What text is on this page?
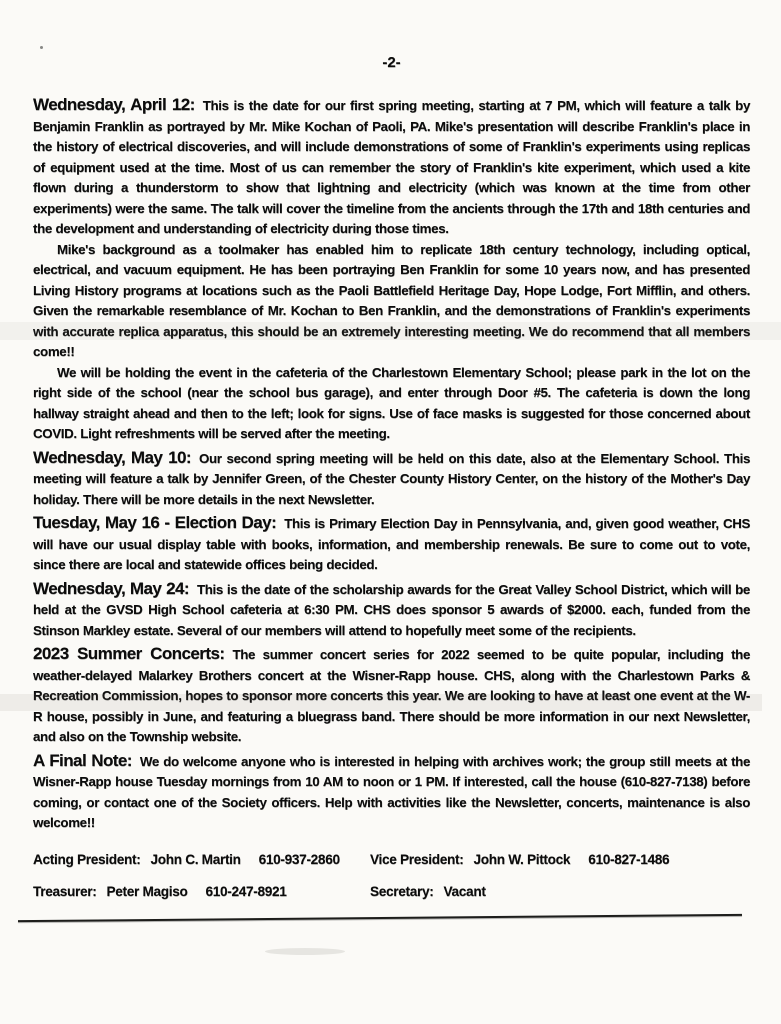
-2-

Wednesday, April 12: This is the date for our first spring meeting, starting at 7 PM, which will feature a talk by Benjamin Franklin as portrayed by Mr. Mike Kochan of Paoli, PA. Mike's presentation will describe Franklin's place in the history of electrical discoveries, and will include demonstrations of some of Franklin's experiments using replicas of equipment used at the time. Most of us can remember the story of Franklin's kite experiment, which used a kite flown during a thunderstorm to show that lightning and electricity (which was known at the time from other experiments) were the same. The talk will cover the timeline from the ancients through the 17th and 18th centuries and the development and understanding of electricity during those times.

Mike's background as a toolmaker has enabled him to replicate 18th century technology, including optical, electrical, and vacuum equipment. He has been portraying Ben Franklin for some 10 years now, and has presented Living History programs at locations such as the Paoli Battlefield Heritage Day, Hope Lodge, Fort Mifflin, and others. Given the remarkable resemblance of Mr. Kochan to Ben Franklin, and the demonstrations of Franklin's experiments with accurate replica apparatus, this should be an extremely interesting meeting. We do recommend that all members come!!

We will be holding the event in the cafeteria of the Charlestown Elementary School; please park in the lot on the right side of the school (near the school bus garage), and enter through Door #5. The cafeteria is down the long hallway straight ahead and then to the left; look for signs. Use of face masks is suggested for those concerned about COVID. Light refreshments will be served after the meeting.

Wednesday, May 10: Our second spring meeting will be held on this date, also at the Elementary School. This meeting will feature a talk by Jennifer Green, of the Chester County History Center, on the history of the Mother's Day holiday. There will be more details in the next Newsletter.

Tuesday, May 16 - Election Day: This is Primary Election Day in Pennsylvania, and, given good weather, CHS will have our usual display table with books, information, and membership renewals. Be sure to come out to vote, since there are local and statewide offices being decided.

Wednesday, May 24: This is the date of the scholarship awards for the Great Valley School District, which will be held at the GVSD High School cafeteria at 6:30 PM. CHS does sponsor 5 awards of $2000. each, funded from the Stinson Markley estate. Several of our members will attend to hopefully meet some of the recipients.

2023 Summer Concerts: The summer concert series for 2022 seemed to be quite popular, including the weather-delayed Malarkey Brothers concert at the Wisner-Rapp house. CHS, along with the Charlestown Parks & Recreation Commission, hopes to sponsor more concerts this year. We are looking to have at least one event at the W-R house, possibly in June, and featuring a bluegrass band. There should be more information in our next Newsletter, and also on the Township website.

A Final Note: We do welcome anyone who is interested in helping with archives work; the group still meets at the Wisner-Rapp house Tuesday mornings from 10 AM to noon or 1 PM. If interested, call the house (610-827-7138) before coming, or contact one of the Society officers. Help with activities like the Newsletter, concerts, maintenance is also welcome!!

Acting President: John C. Martin 610-937-2860	Vice President: John W. Pittock 610-827-1486
Treasurer: Peter Magiso 610-247-8921	Secretary: Vacant
